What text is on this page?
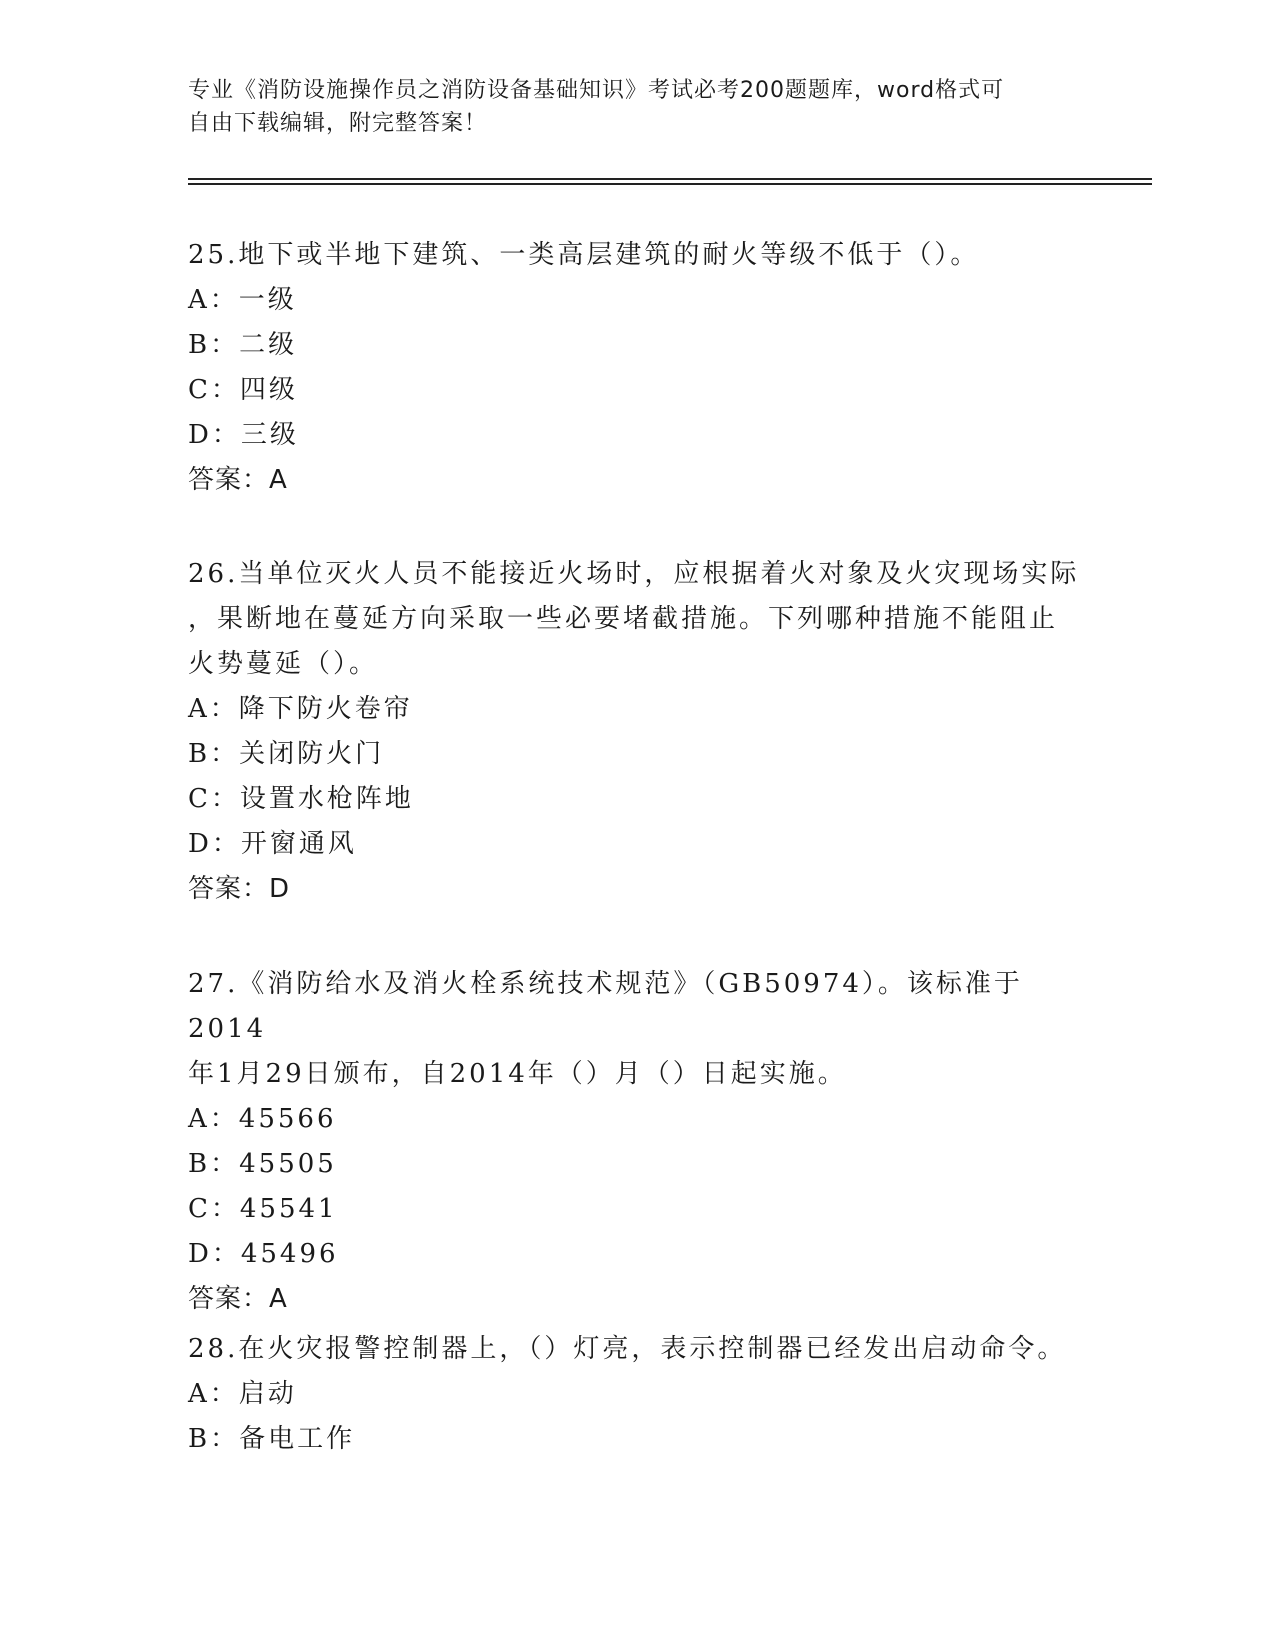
专业《消防设施操作员之消防设备基础知识》考试必考200题题库，word格式可
自由下载编辑，附完整答案！

25.地下或半地下建筑、一类高层建筑的耐火等级不低于（）。

A：一级

B：二级

C：四级

D：三级

答案：A

26.当单位灭火人员不能接近火场时，应根据着火对象及火灾现场实际

，果断地在蔓延方向采取一些必要堵截措施。下列哪种措施不能阻止

火势蔓延（）。

A：降下防火卷帘

B：关闭防火门

C：设置水枪阵地

D：开窗通风

答案：D

27.《消防给水及消火栓系统技术规范》（GB50974）。该标准于2014

年1月29日颁布，自2014年（）月（）日起实施。

A：45566

B：45505

C：45541

D：45496

答案：A

28.在火灾报警控制器上，（）灯亮，表示控制器已经发出启动命令。

A：启动

B：备电工作
